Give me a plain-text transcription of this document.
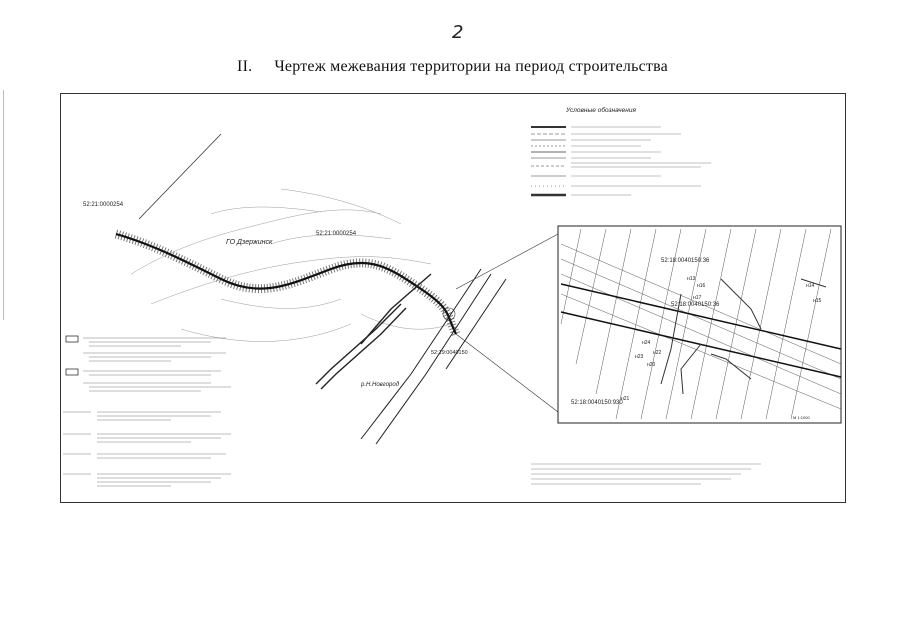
2
II. Чертеж межевания территории на период строительства
52:21:0000254
52:21:0000254
ГО Дзержинск
р.Н.Новгород
52:19:0040150
Условные обозначения
52:18:0040150:36
52:18:0040150:36
52:18:0040150:930
н13
н14
н15
н16
н17
н20
н21
н22
н23
н24
М 1:1000
